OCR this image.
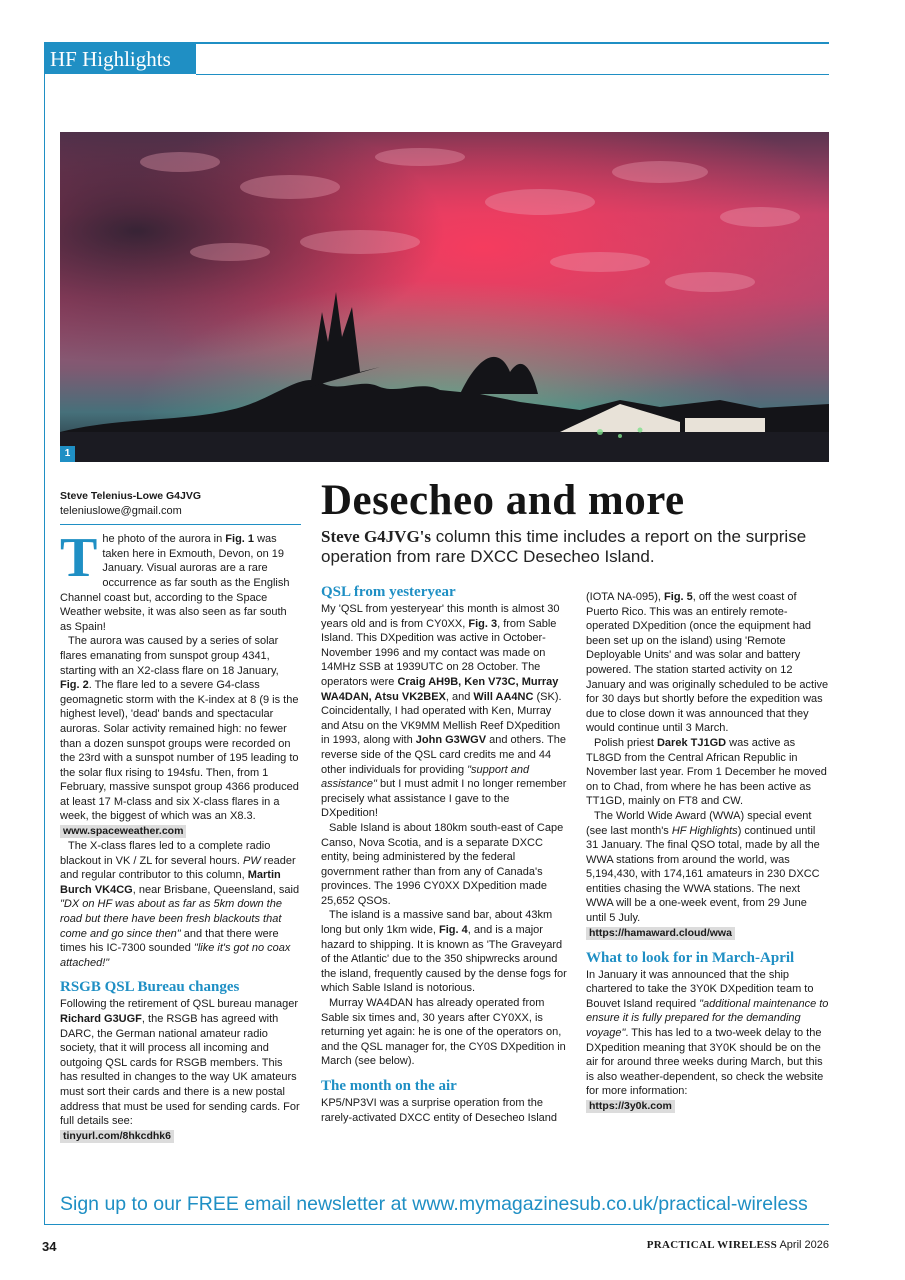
HF Highlights
1
Desecheo and more
Steve G4JVG's column this time includes a report on the surprise operation from rare DXCC Desecheo Island.
Steve Telenius-Lowe G4JVG
teleniuslowe@gmail.com

The photo of the aurora in Fig. 1 was taken here in Exmouth, Devon, on 19 January. Visual auroras are a rare occurrence as far south as the English Channel coast but, according to the Space Weather website, it was also seen as far south as Spain!

The aurora was caused by a series of solar flares emanating from sunspot group 4341, starting with an X2-class flare on 18 January, Fig. 2. The flare led to a severe G4-class geomagnetic storm with the K-index at 8 (9 is the highest level), 'dead' bands and spectacular auroras. Solar activity remained high: no fewer than a dozen sunspot groups were recorded on the 23rd with a sunspot number of 195 leading to the solar flux rising to 194sfu. Then, from 1 February, massive sunspot group 4366 produced at least 17 M-class and six X-class flares in a week, the biggest of which was an X8.3.

www.spaceweather.com

The X-class flares led to a complete radio blackout in VK / ZL for several hours. PW reader and regular contributor to this column, Martin Burch VK4CG, near Brisbane, Queensland, said "DX on HF was about as far as 5km down the road but there have been fresh blackouts that come and go since then" and that there were times his IC-7300 sounded "like it's got no coax attached!"

RSGB QSL Bureau changes

Following the retirement of QSL bureau manager Richard G3UGF, the RSGB has agreed with DARC, the German national amateur radio society, that it will process all incoming and outgoing QSL cards for RSGB members. This has resulted in changes to the way UK amateurs must sort their cards and there is a new postal address that must be used for sending cards. For full details see:

tinyurl.com/8hkcdhk6
QSL from yesteryear

My 'QSL from yesteryear' this month is almost 30 years old and is from CY0XX, Fig. 3, from Sable Island. This DXpedition was active in October-November 1996 and my contact was made on 14MHz SSB at 1939UTC on 28 October. The operators were Craig AH9B, Ken V73C, Murray WA4DAN, Atsu VK2BEX, and Will AA4NC (SK). Coincidentally, I had operated with Ken, Murray and Atsu on the VK9MM Mellish Reef DXpedition in 1993, along with John G3WGV and others. The reverse side of the QSL card credits me and 44 other individuals for providing "support and assistance" but I must admit I no longer remember precisely what assistance I gave to the DXpedition!

Sable Island is about 180km south-east of Cape Canso, Nova Scotia, and is a separate DXCC entity, being administered by the federal government rather than from any of Canada's provinces. The 1996 CY0XX DXpedition made 25,652 QSOs.

The island is a massive sand bar, about 43km long but only 1km wide, Fig. 4, and is a major hazard to shipping. It is known as 'The Graveyard of the Atlantic' due to the 350 shipwrecks around the island, frequently caused by the dense fogs for which Sable Island is notorious.

Murray WA4DAN has already operated from Sable six times and, 30 years after CY0XX, is returning yet again: he is one of the operators on, and the QSL manager for, the CY0S DXpedition in March (see below).

The month on the air

KP5/NP3VI was a surprise operation from the rarely-activated DXCC entity of Desecheo Island

(IOTA NA-095), Fig. 5, off the west coast of Puerto Rico. This was an entirely remote-operated DXpedition (once the equipment had been set up on the island) using 'Remote Deployable Units' and was solar and battery powered. The station started activity on 12 January and was originally scheduled to be active for 30 days but shortly before the expedition was due to close down it was announced that they would continue until 3 March.

Polish priest Darek TJ1GD was active as TL8GD from the Central African Republic in November last year. From 1 December he moved on to Chad, from where he has been active as TT1GD, mainly on FT8 and CW.

The World Wide Award (WWA) special event (see last month's HF Highlights) continued until 31 January. The final QSO total, made by all the WWA stations from around the world, was 5,194,430, with 174,161 amateurs in 230 DXCC entities chasing the WWA stations. The next WWA will be a one-week event, from 29 June until 5 July.

https://hamaward.cloud/wwa
What to look for in March-April

In January it was announced that the ship chartered to take the 3Y0K DXpedition team to Bouvet Island required "additional maintenance to ensure it is fully prepared for the demanding voyage". This has led to a two-week delay to the DXpedition meaning that 3Y0K should be on the air for around three weeks during March, but this is also weather-dependent, so check the website for more information:

https://3y0k.com
Sign up to our FREE email newsletter at www.mymagazinesub.co.uk/practical-wireless
34	PRACTICAL WIRELESS April 2026
